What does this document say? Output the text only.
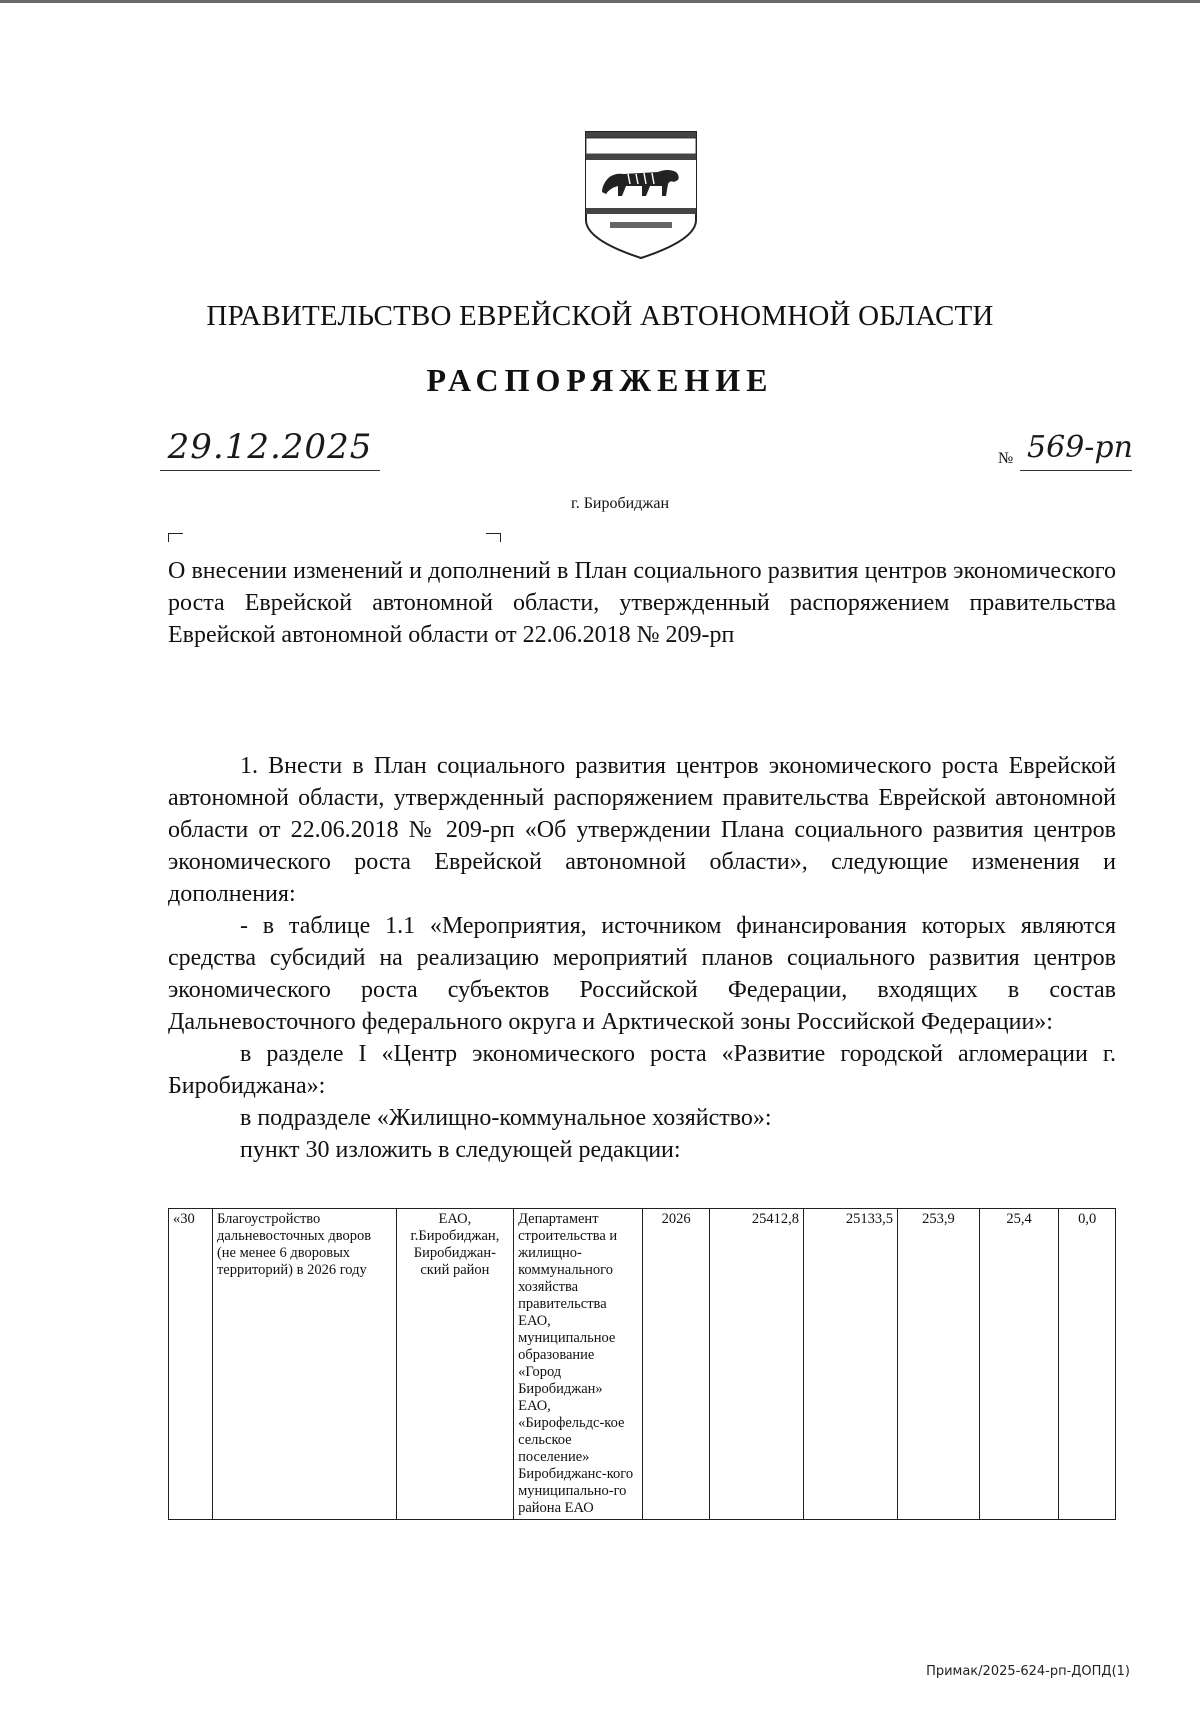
ПРАВИТЕЛЬСТВО ЕВРЕЙСКОЙ АВТОНОМНОЙ ОБЛАСТИ
РАСПОРЯЖЕНИЕ
29.12.2025	№ 569-рп
г. Биробиджан
О внесении изменений и дополнений в План социального развития центров экономического роста Еврейской автономной области, утвержденный распоряжением правительства Еврейской автономной области от 22.06.2018 № 209-рп

1. Внести в План социального развития центров экономического роста Еврейской автономной области, утвержденный распоряжением правительства Еврейской автономной области от 22.06.2018 № 209-рп «Об утверждении Плана социального развития центров экономического роста Еврейской автономной области», следующие изменения и дополнения:

- в таблице 1.1 «Мероприятия, источником финансирования которых являются средства субсидий на реализацию мероприятий планов социального развития центров экономического роста субъектов Российской Федерации, входящих в состав Дальневосточного федерального округа и Арктической зоны Российской Федерации»:

в разделе I «Центр экономического роста «Развитие городской агломерации г. Биробиджана»:

в подразделе «Жилищно-коммунальное хозяйство»:

пункт 30 изложить в следующей редакции:

«30	Благоустройство дальневосточных дворов (не менее 6 дворовых территорий) в 2026 году	ЕАО, г.Биробиджан, Биробиджан-ский район	Департамент строительства и жилищно-коммунального хозяйства правительства ЕАО, муниципальное образование «Город Биробиджан» ЕАО, «Бирофельдс-кое сельское поселение» Биробиджанс-кого муниципально-го района ЕАО	2026	25412,8	25133,5	253,9	25,4	0,0
Примак/2025-624-рп-ДОПД(1)
